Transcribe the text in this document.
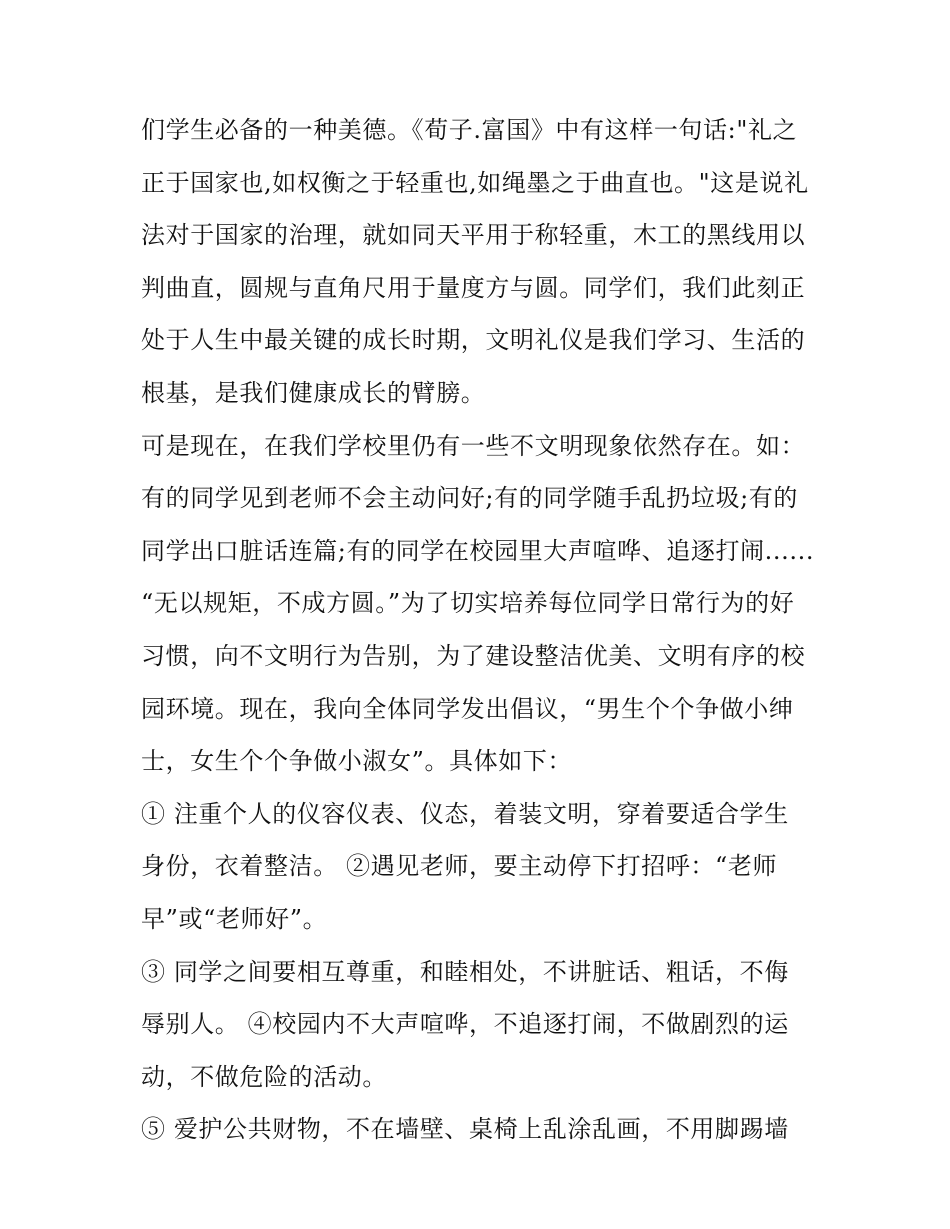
们学生必备的一种美德。《荀子.富国》中有这样一句话:"礼之
正于国家也,如权衡之于轻重也,如绳墨之于曲直也。"这是说礼
法对于国家的治理，就如同天平用于称轻重，木工的黑线用以
判曲直，圆规与直角尺用于量度方与圆。同学们，我们此刻正
处于人生中最关键的成长时期，文明礼仪是我们学习、生活的
根基，是我们健康成长的臂膀。
可是现在，在我们学校里仍有一些不文明现象依然存在。如：
有的同学见到老师不会主动问好;有的同学随手乱扔垃圾;有的
同学出口脏话连篇;有的同学在校园里大声喧哗、追逐打闹......
“无以规矩，不成方圆。”为了切实培养每位同学日常行为的好
习惯，向不文明行为告别，为了建设整洁优美、文明有序的校
园环境。现在，我向全体同学发出倡议，“男生个个争做小绅
士，女生个个争做小淑女”。具体如下：
① 注重个人的仪容仪表、仪态，着装文明，穿着要适合学生
身份，衣着整洁。 ②遇见老师，要主动停下打招呼：“老师
早”或“老师好”。
③ 同学之间要相互尊重，和睦相处，不讲脏话、粗话，不侮
辱别人。 ④校园内不大声喧哗，不追逐打闹，不做剧烈的运
动，不做危险的活动。
⑤ 爱护公共财物，不在墙壁、桌椅上乱涂乱画，不用脚踢墙
